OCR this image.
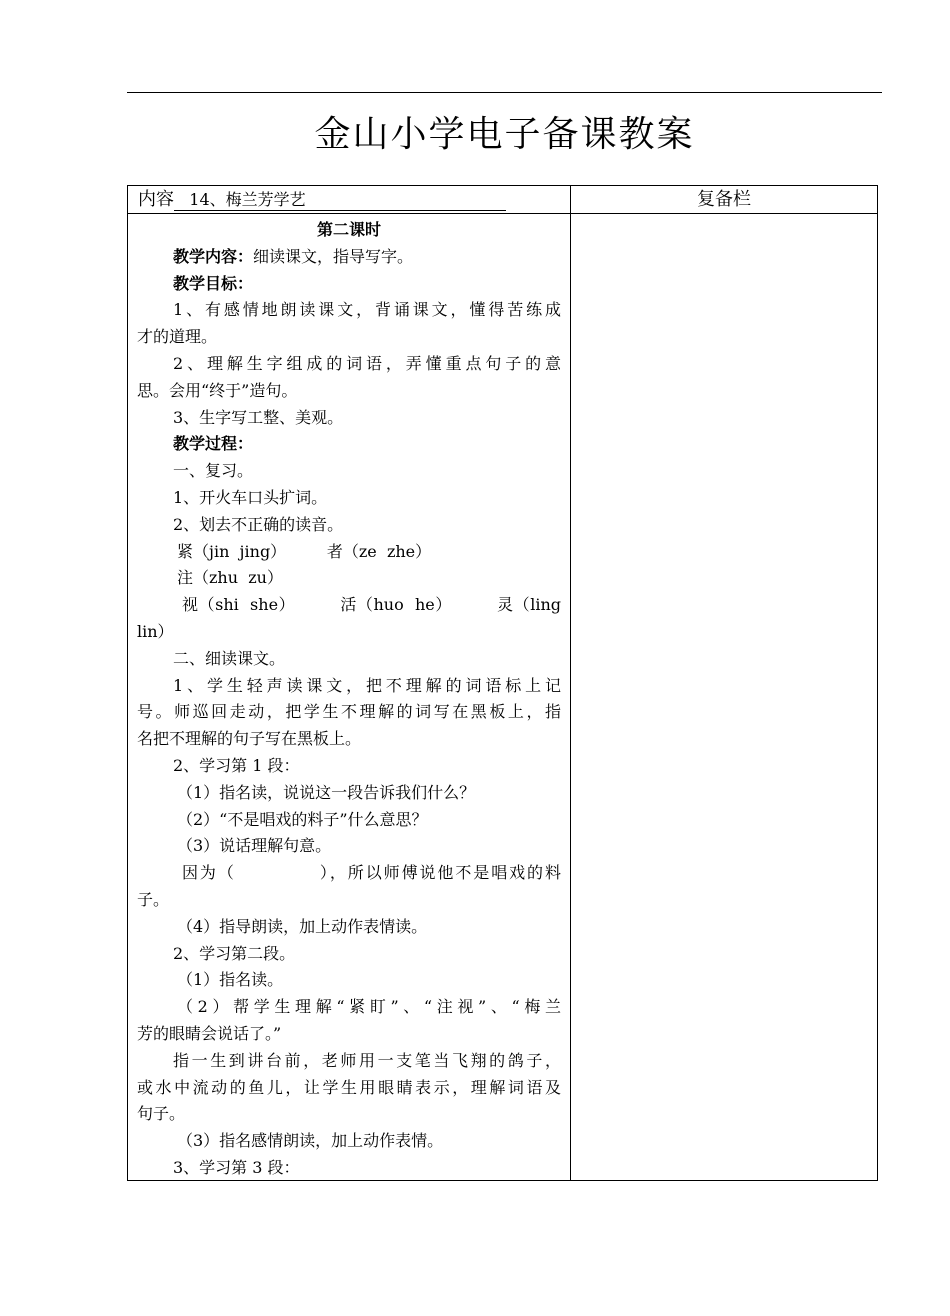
金山小学电子备课教案
内容 14、梅兰芳学艺	复备栏
第二课时
教学内容：细读课文，指导写字。
教学目标：
1、有感情地朗读课文，背诵课文，懂得苦练成
才的道理。
2、理解生字组成的词语，弄懂重点句子的意
思。会用“终于”造句。
3、生字写工整、美观。
教学过程：
一、复习。
1、开火车口头扩词。
2、划去不正确的读音。
紧（jin  jing）        者（ze  zhe）
注（zhu  zu）
视（shi  she）        活（huo  he）        灵（ling
lin）
二、细读课文。
1、学生轻声读课文，把不理解的词语标上记
号。师巡回走动，把学生不理解的词写在黑板上，指
名把不理解的句子写在黑板上。
2、学习第 1 段：
（1）指名读，说说这一段告诉我们什么？
（2）“不是唱戏的料子”什么意思？
（3）说话理解句意。
因为（            ），所以师傅说他不是唱戏的料
子。
（4）指导朗读，加上动作表情读。
2、学习第二段。
（1）指名读。
（2）帮学生理解“紧盯”、“注视”、“梅兰
芳的眼睛会说话了。”
指一生到讲台前，老师用一支笔当飞翔的鸽子，
或水中流动的鱼儿，让学生用眼睛表示，理解词语及
句子。
（3）指名感情朗读，加上动作表情。
3、学习第 3 段：
